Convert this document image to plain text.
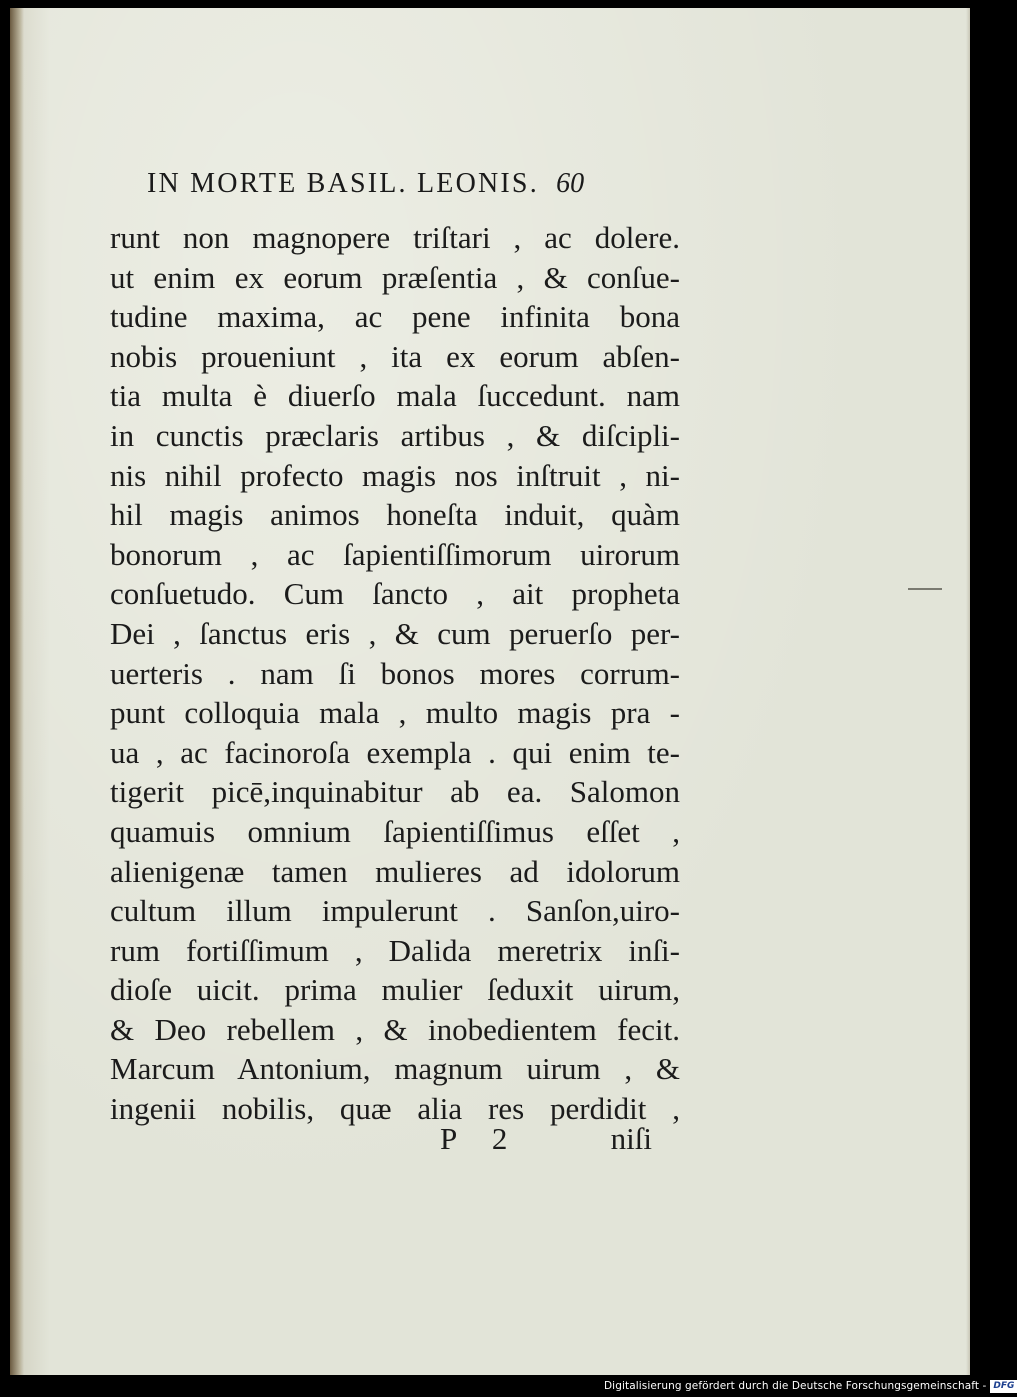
IN MORTE BASIL. LEONIS. 60
runt non magnopere triſtari , ac dolere.
ut enim ex eorum præſentia , & conſue-
tudine maxima, ac pene infinita bona
nobis proueniunt , ita ex eorum abſen-
tia multa è diuerſo mala ſuccedunt. nam
in cunctis præclaris artibus , & diſcipli-
nis nihil profecto magis nos inſtruit , ni-
hil magis animos honeſta induit, quàm
bonorum , ac ſapientiſſimorum uirorum
conſuetudo. Cum ſancto , ait propheta
Dei , ſanctus eris , & cum peruerſo per-
uerteris . nam ſi bonos mores corrum-
punt colloquia mala , multo magis pra -
ua , ac facinoroſa exempla . qui enim te-
tigerit picē,inquinabitur ab ea. Salomon
quamuis omnium ſapientiſſimus eſſet ,
alienigenæ tamen mulieres ad idolorum
cultum illum impulerunt . Sanſon,uiro-
rum fortiſſimum , Dalida meretrix inſi-
dioſe uicit. prima mulier ſeduxit uirum,
& Deo rebellem , & inobedientem fecit.
Marcum Antonium, magnum uirum , &
ingenii nobilis, quæ alia res perdidit ,
P 2	niſi
Digitalisierung gefördert durch die Deutsche Forschungsgemeinschaft - DFG
